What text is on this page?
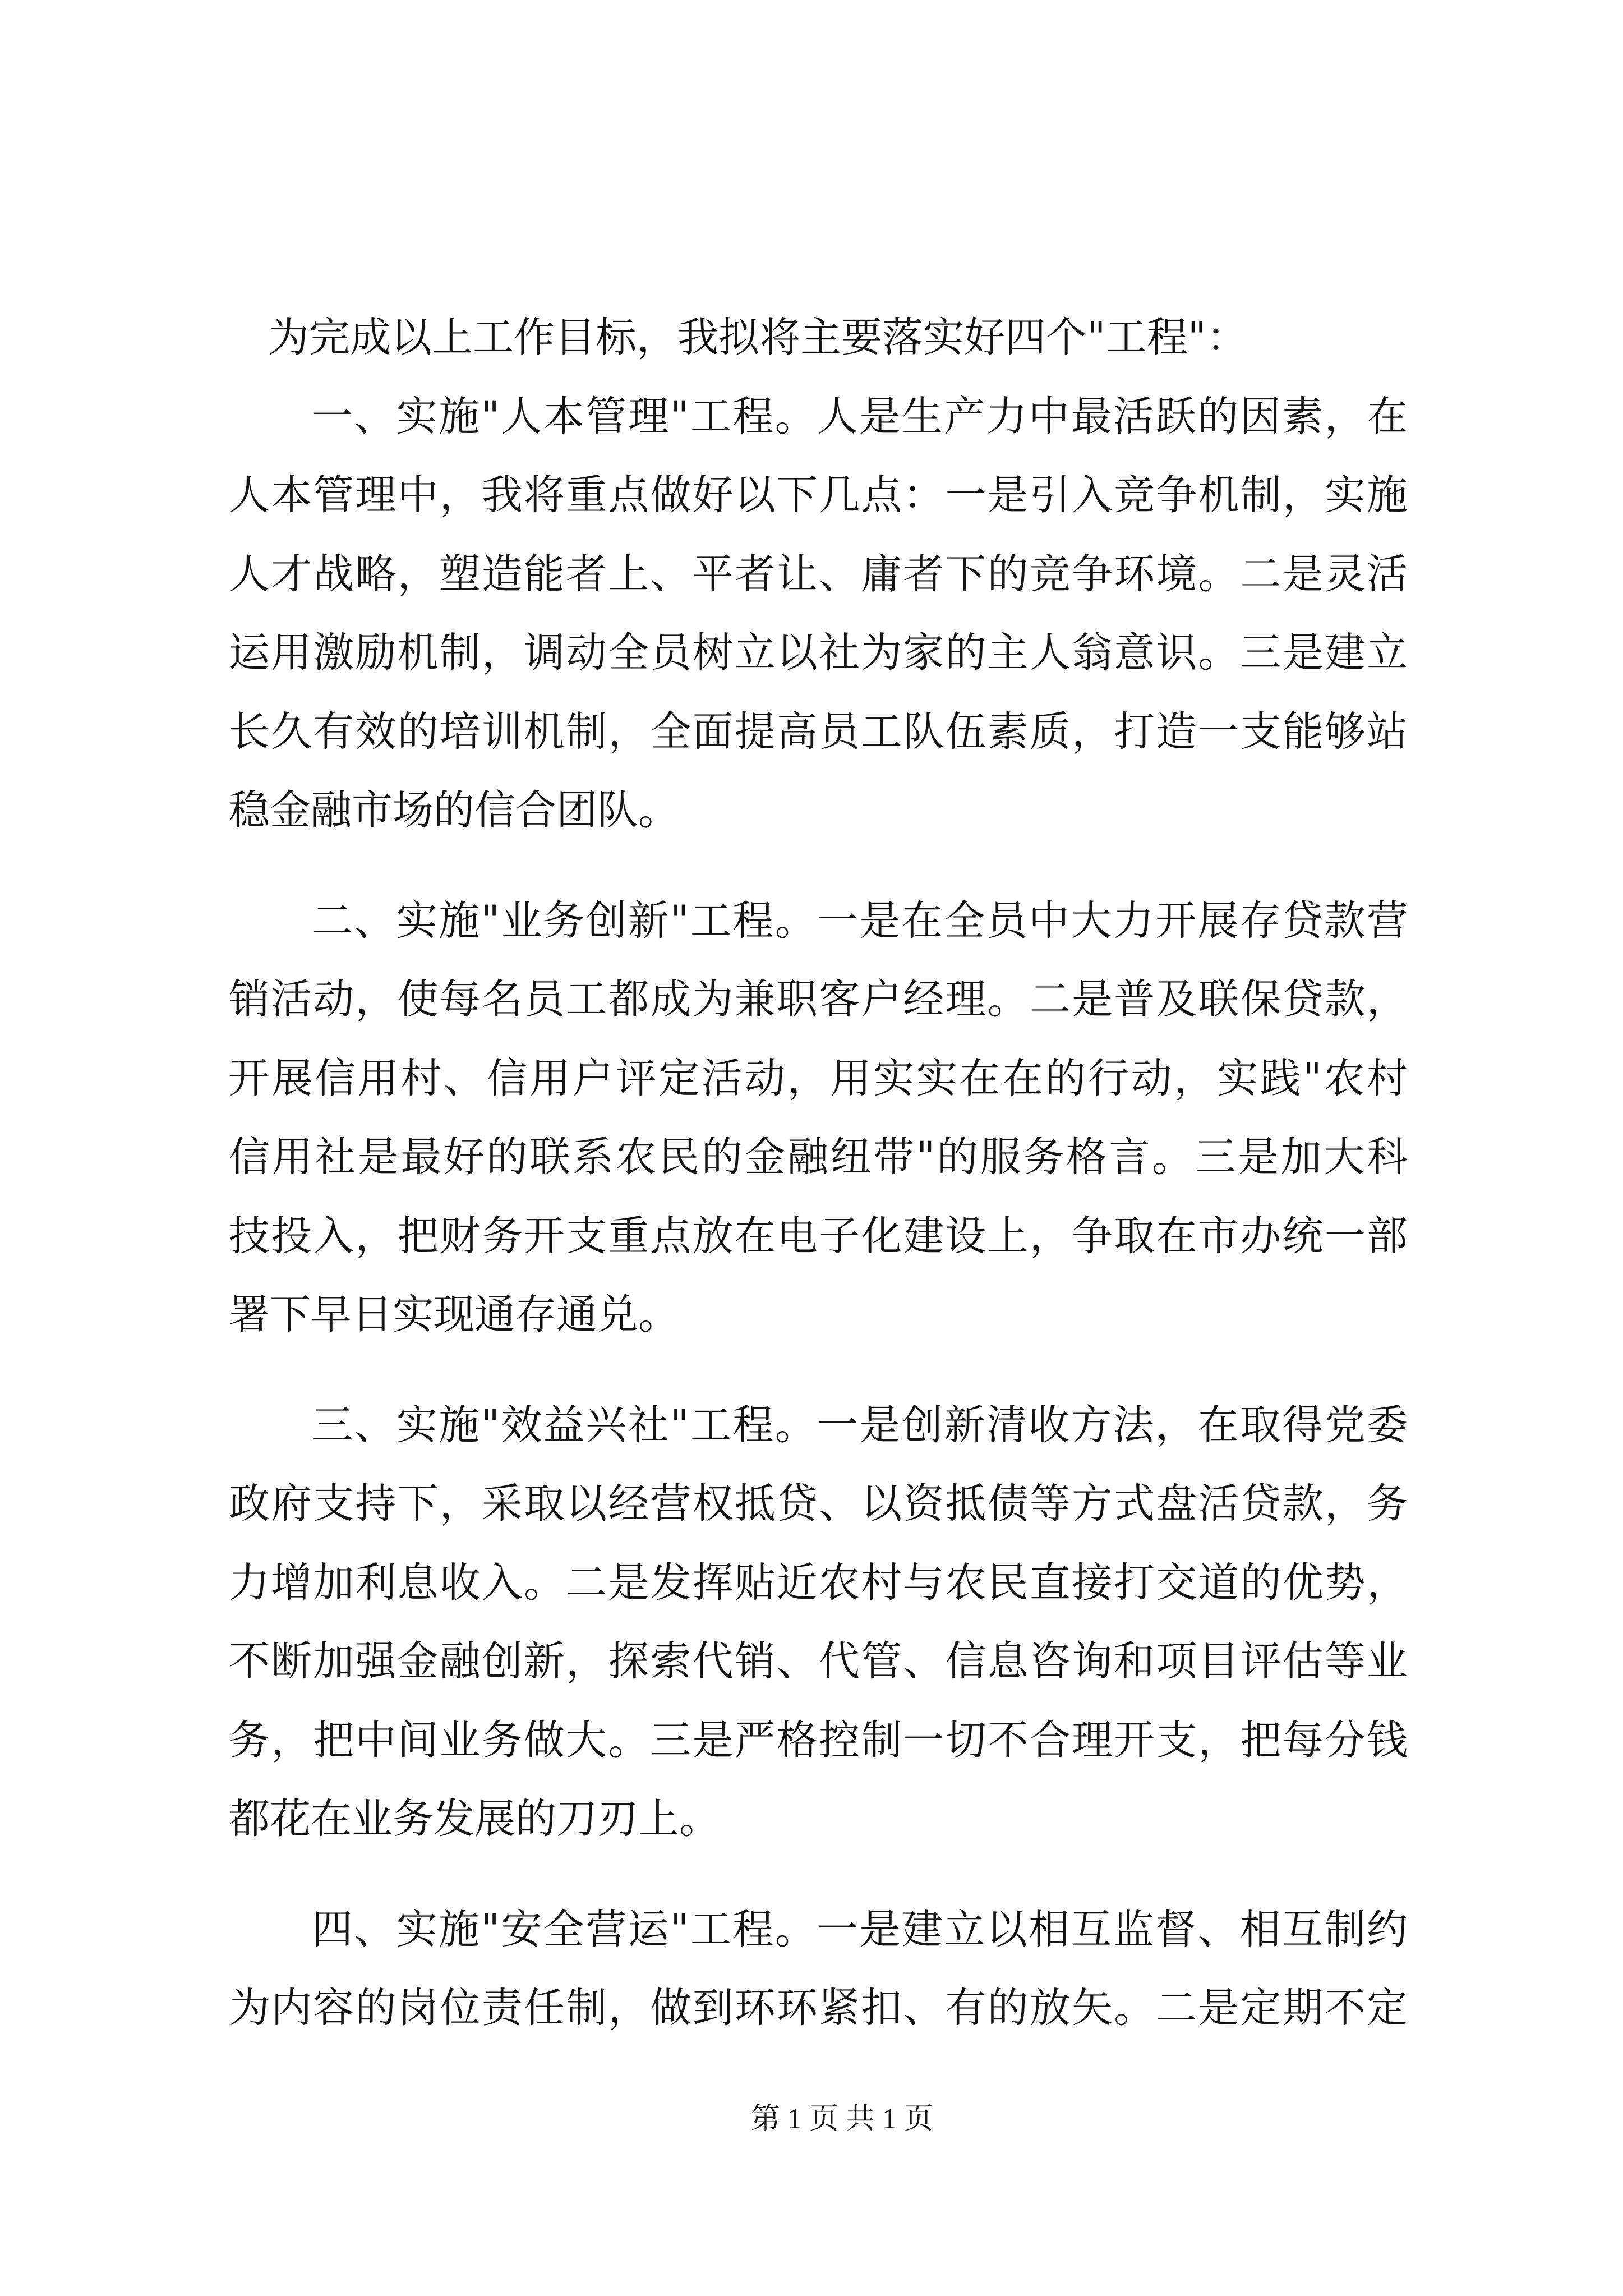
为完成以上工作目标，我拟将主要落实好四个"工程"：
一、实施"人本管理"工程。人是生产力中最活跃的因素，在
人本管理中，我将重点做好以下几点：一是引入竞争机制，实施
人才战略，塑造能者上、平者让、庸者下的竞争环境。二是灵活
运用激励机制，调动全员树立以社为家的主人翁意识。三是建立
长久有效的培训机制，全面提高员工队伍素质，打造一支能够站
稳金融市场的信合团队。
二、实施"业务创新"工程。一是在全员中大力开展存贷款营
销活动，使每名员工都成为兼职客户经理。二是普及联保贷款，
开展信用村、信用户评定活动，用实实在在的行动，实践"农村
信用社是最好的联系农民的金融纽带"的服务格言。三是加大科
技投入，把财务开支重点放在电子化建设上，争取在市办统一部
署下早日实现通存通兑。
三、实施"效益兴社"工程。一是创新清收方法，在取得党委
政府支持下，采取以经营权抵贷、以资抵债等方式盘活贷款，务
力增加利息收入。二是发挥贴近农村与农民直接打交道的优势，
不断加强金融创新，探索代销、代管、信息咨询和项目评估等业
务，把中间业务做大。三是严格控制一切不合理开支，把每分钱
都花在业务发展的刀刃上。
四、实施"安全营运"工程。一是建立以相互监督、相互制约
为内容的岗位责任制，做到环环紧扣、有的放矢。二是定期不定
第 1 页 共 1 页
